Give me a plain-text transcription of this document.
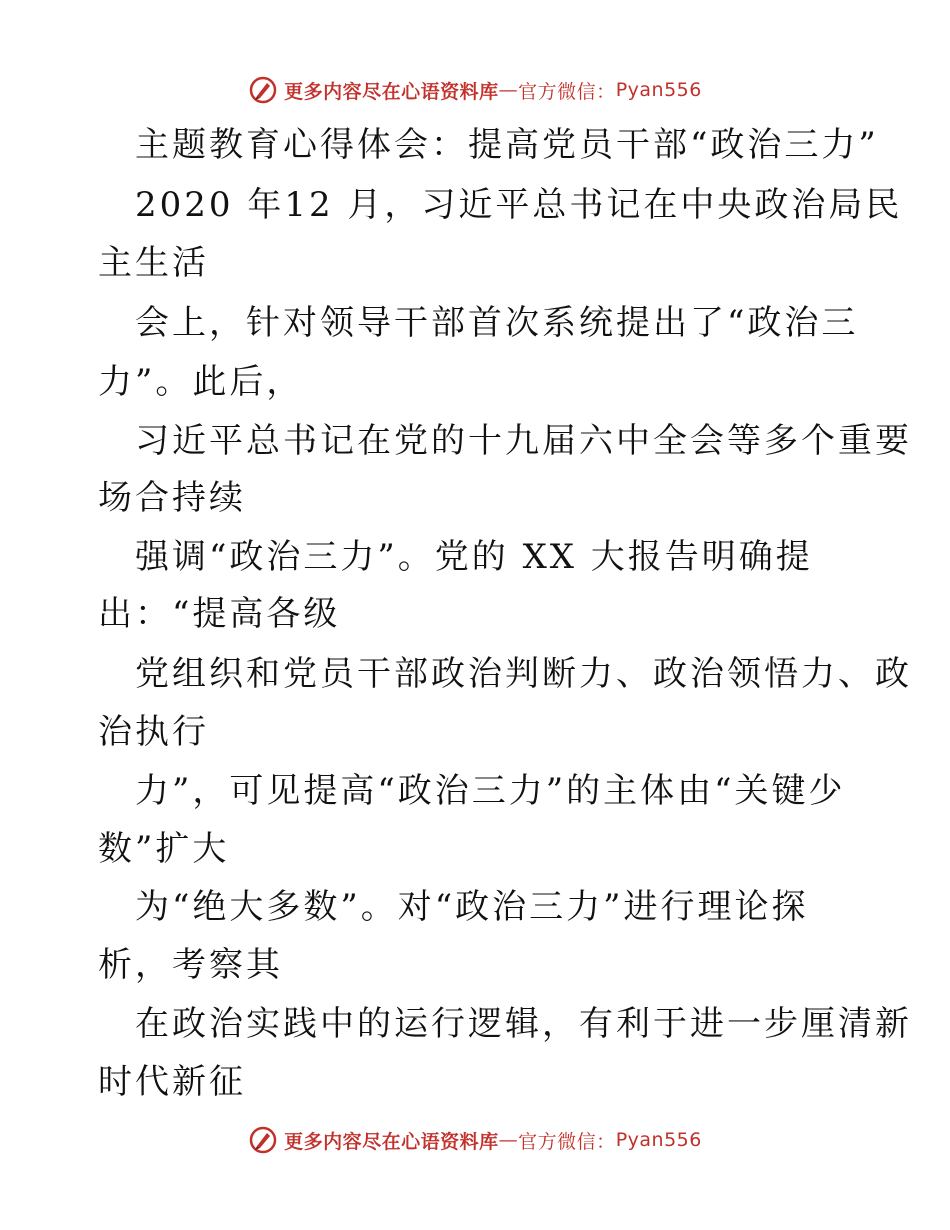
更多内容尽在心语资料库 — 官方微信： Pyan556
主题教育心得体会：提高党员干部“政治三力”
2020 年12 月，习近平总书记在中央政治局民
主生活
会上，针对领导干部首次系统提出了“政治三
力”。此后，
习近平总书记在党的十九届六中全会等多个重要
场合持续
强调“政治三力”。党的 XX 大报告明确提
出：“提高各级
党组织和党员干部政治判断力、政治领悟力、政
治执行
力”，可见提高“政治三力”的主体由“关键少
数”扩大
为“绝大多数”。对“政治三力”进行理论探
析，考察其
在政治实践中的运行逻辑，有利于进一步厘清新
时代新征
更多内容尽在心语资料库 — 官方微信： Pyan556
